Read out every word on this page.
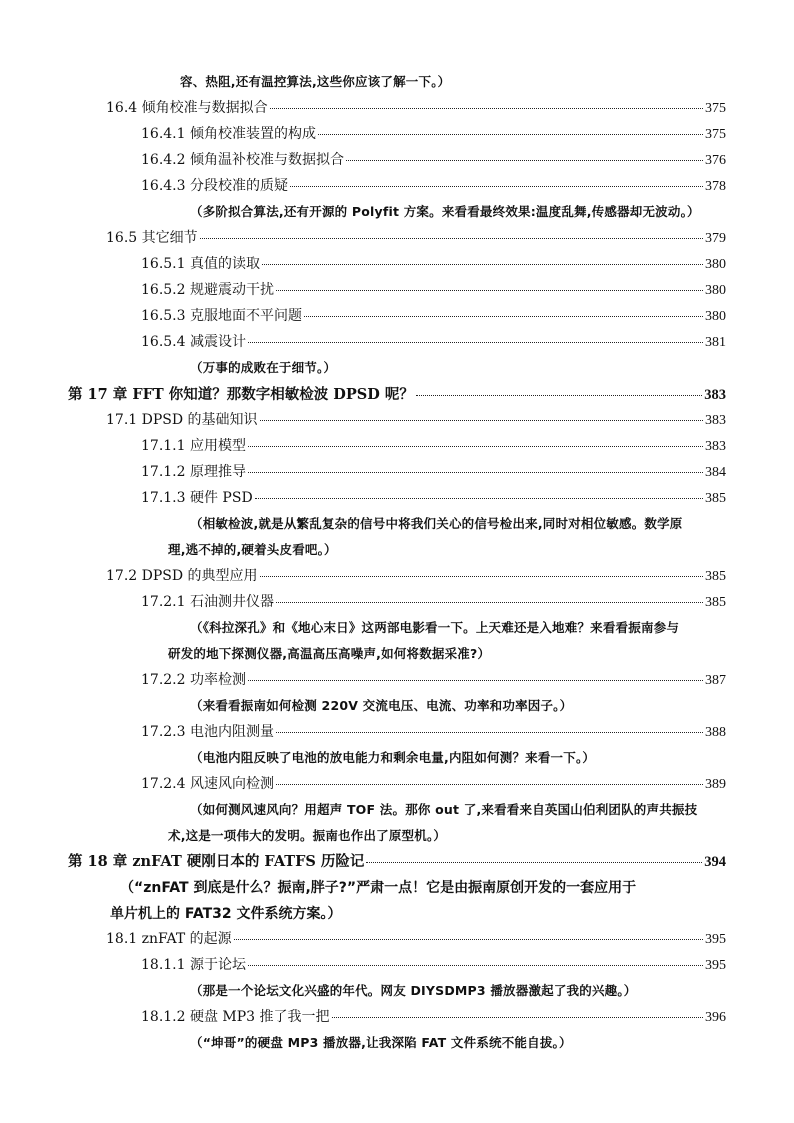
容、热阻,还有温控算法,这些你应该了解一下。）
16.4 倾角校准与数据拟合	375
16.4.1 倾角校准装置的构成	375
16.4.2 倾角温补校准与数据拟合	376
16.4.3 分段校准的质疑	378
（多阶拟合算法,还有开源的 Polyfit 方案。来看看最终效果:温度乱舞,传感器却无波动。）
16.5 其它细节	379
16.5.1 真值的读取	380
16.5.2 规避震动干扰	380
16.5.3 克服地面不平问题	380
16.5.4 减震设计	381
（万事的成败在于细节。）
第 17 章 FFT 你知道？那数字相敏检波 DPSD 呢？	383
17.1 DPSD 的基础知识	383
17.1.1 应用模型	383
17.1.2 原理推导	384
17.1.3 硬件 PSD	385
（相敏检波,就是从繁乱复杂的信号中将我们关心的信号检出来,同时对相位敏感。数学原
理,逃不掉的,硬着头皮看吧。）
17.2 DPSD 的典型应用	385
17.2.1 石油测井仪器	385
（《科拉深孔》和《地心末日》这两部电影看一下。上天难还是入地难？来看看振南参与
研发的地下探测仪器,高温高压高噪声,如何将数据采准?）
17.2.2 功率检测	387
（来看看振南如何检测 220V 交流电压、电流、功率和功率因子。）
17.2.3 电池内阻测量	388
（电池内阻反映了电池的放电能力和剩余电量,内阻如何测？来看一下。）
17.2.4 风速风向检测	389
（如何测风速风向？用超声 TOF 法。那你 out 了,来看看来自英国山伯利团队的声共振技
术,这是一项伟大的发明。振南也作出了原型机。）
第 18 章 znFAT 硬刚日本的 FATFS 历险记	394
（“znFAT 到底是什么？振南,胖子?”严肃一点！它是由振南原创开发的一套应用于
单片机上的 FAT32 文件系统方案。）
18.1 znFAT 的起源	395
18.1.1 源于论坛	395
（那是一个论坛文化兴盛的年代。网友 DIYSDMP3 播放器激起了我的兴趣。）
18.1.2 硬盘 MP3 推了我一把	396
（“坤哥”的硬盘 MP3 播放器,让我深陷 FAT 文件系统不能自拔。）
